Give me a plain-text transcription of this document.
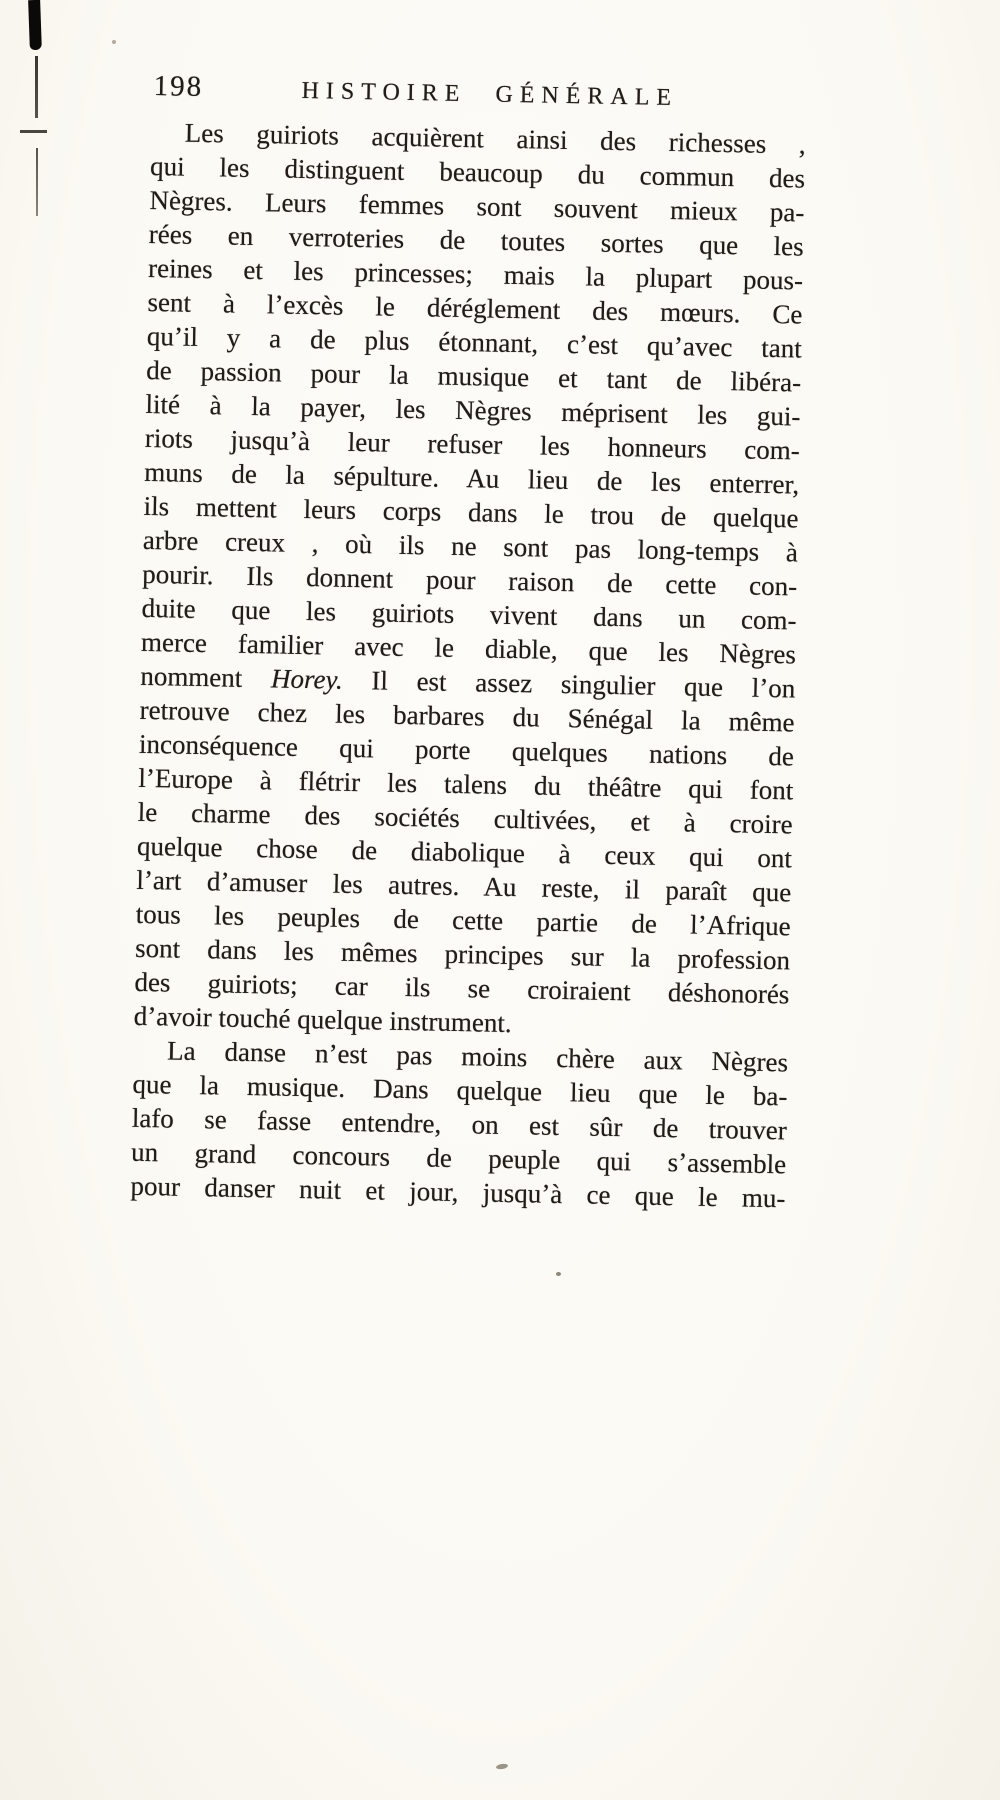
198	HISTOIRE GÉNÉRALE
Les guiriots acquièrent ainsi des richesses ,
qui les distinguent beaucoup du commun des
Nègres. Leurs femmes sont souvent mieux pa-
rées en verroteries de toutes sortes que les
reines et les princesses; mais la plupart pous-
sent à l’excès le déréglement des mœurs. Ce
qu’il y a de plus étonnant, c’est qu’avec tant
de passion pour la musique et tant de libéra-
lité à la payer, les Nègres méprisent les gui-
riots jusqu’à leur refuser les honneurs com-
muns de la sépulture. Au lieu de les enterrer,
ils mettent leurs corps dans le trou de quelque
arbre creux , où ils ne sont pas long-temps à
pourir. Ils donnent pour raison de cette con-
duite que les guiriots vivent dans un com-
merce familier avec le diable, que les Nègres
nomment Horey. Il est assez singulier que l’on
retrouve chez les barbares du Sénégal la même
inconséquence qui porte quelques nations de
l’Europe à flétrir les talens du théâtre qui font
le charme des sociétés cultivées, et à croire
quelque chose de diabolique à ceux qui ont
l’art d’amuser les autres. Au reste, il paraît que
tous les peuples de cette partie de l’Afrique
sont dans les mêmes principes sur la profession
des guiriots; car ils se croiraient déshonorés
d’avoir touché quelque instrument.
La danse n’est pas moins chère aux Nègres
que la musique. Dans quelque lieu que le ba-
lafo se fasse entendre, on est sûr de trouver
un grand concours de peuple qui s’assemble
pour danser nuit et jour, jusqu’à ce que le mu-
